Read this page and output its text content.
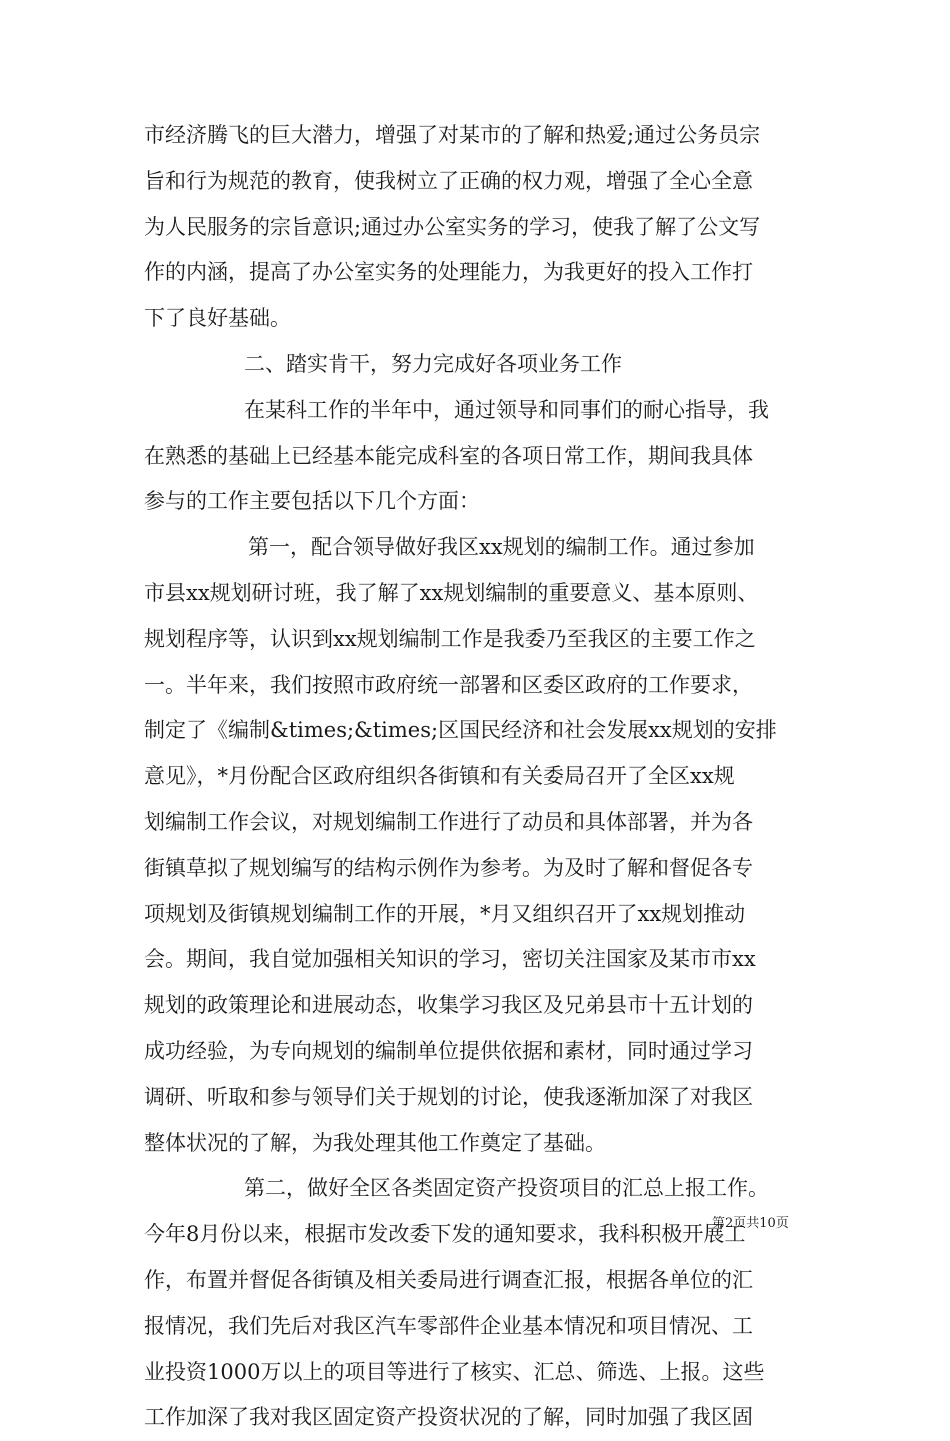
市经济腾飞的巨大潜力，增强了对某市的了解和热爱;通过公务员宗
旨和行为规范的教育，使我树立了正确的权力观，增强了全心全意
为人民服务的宗旨意识;通过办公室实务的学习，使我了解了公文写
作的内涵，提高了办公室实务的处理能力，为我更好的投入工作打
下了良好基础。
二、踏实肯干，努力完成好各项业务工作
在某科工作的半年中，通过领导和同事们的耐心指导，我
在熟悉的基础上已经基本能完成科室的各项日常工作，期间我具体
参与的工作主要包括以下几个方面：
第一，配合领导做好我区xx规划的编制工作。通过参加
市县xx规划研讨班，我了解了xx规划编制的重要意义、基本原则、
规划程序等，认识到xx规划编制工作是我委乃至我区的主要工作之
一。半年来，我们按照市政府统一部署和区委区政府的工作要求，
制定了《编制&times;&times;区国民经济和社会发展xx规划的安排
意见》，*月份配合区政府组织各街镇和有关委局召开了全区xx规
划编制工作会议，对规划编制工作进行了动员和具体部署，并为各
街镇草拟了规划编写的结构示例作为参考。为及时了解和督促各专
项规划及街镇规划编制工作的开展，*月又组织召开了xx规划推动
会。期间，我自觉加强相关知识的学习，密切关注国家及某市市xx
规划的政策理论和进展动态，收集学习我区及兄弟县市十五计划的
成功经验，为专向规划的编制单位提供依据和素材，同时通过学习
调研、听取和参与领导们关于规划的讨论，使我逐渐加深了对我区
整体状况的了解，为我处理其他工作奠定了基础。
第二，做好全区各类固定资产投资项目的汇总上报工作。
今年8月份以来，根据市发改委下发的通知要求，我科积极开展工
作，布置并督促各街镇及相关委局进行调查汇报，根据各单位的汇
报情况，我们先后对我区汽车零部件企业基本情况和项目情况、工
业投资1000万以上的项目等进行了核实、汇总、筛选、上报。这些
工作加深了我对我区固定资产投资状况的了解，同时加强了我区固
第2页共10页
